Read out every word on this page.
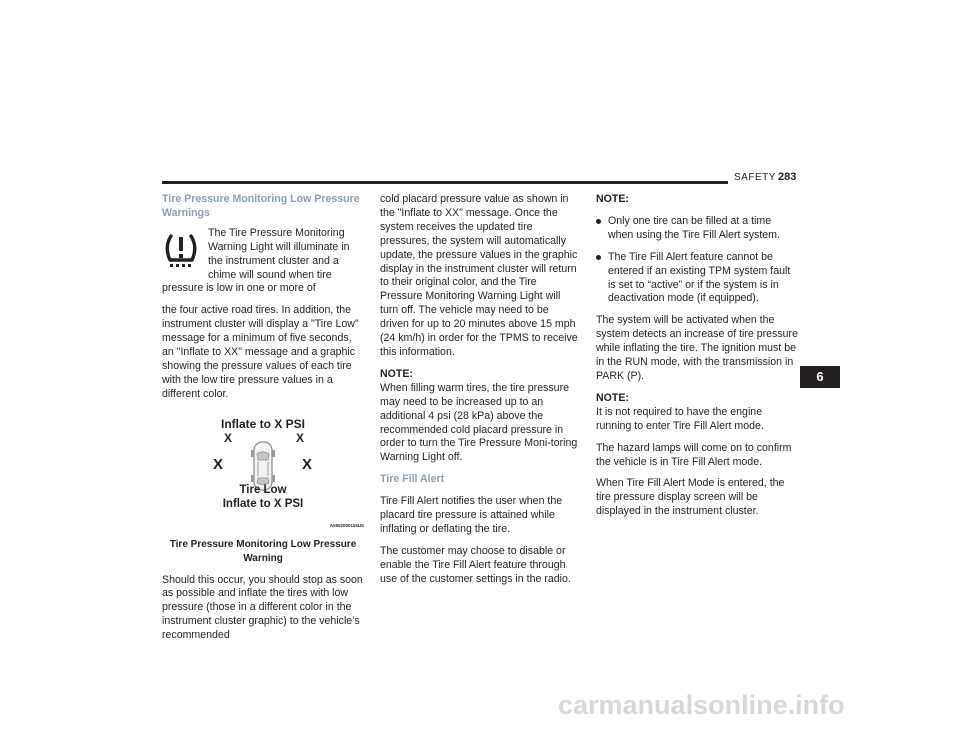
SAFETY 283
Tire Pressure Monitoring Low Pressure Warnings

The Tire Pressure Monitoring Warning Light will illuminate in the instrument cluster and a chime will sound when tire pressure is low in one or more of

the four active road tires. In addition, the instrument cluster will display a "Tire Low" message for a minimum of five seconds, an "Inflate to XX" message and a graphic showing the pressure values of each tire with the low tire pressure values in a different color.

Inflate to X PSI
X	X
X	X
Tire Low
Inflate to X PSI
A0502000116US

Tire Pressure Monitoring Low Pressure Warning

Should this occur, you should stop as soon as possible and inflate the tires with low pressure (those in a different color in the instrument cluster graphic) to the vehicle’s recommended

cold placard pressure value as shown in the "Inflate to XX" message. Once the system receives the updated tire pressures, the system will automatically update, the pressure values in the graphic display in the instrument cluster will return to their original color, and the Tire Pressure Monitoring Warning Light will turn off. The vehicle may need to be driven for up to 20 minutes above 15 mph (24 km/h) in order for the TPMS to receive this information.

NOTE:
When filling warm tires, the tire pressure may need to be increased up to an additional 4 psi (28 kPa) above the recommended cold placard pressure in order to turn the Tire Pressure Moni-toring Warning Light off.

Tire Fill Alert

Tire Fill Alert notifies the user when the placard tire pressure is attained while inflating or deflating the tire.

The customer may choose to disable or enable the Tire Fill Alert feature through use of the customer settings in the radio.

NOTE:

Only one tire can be filled at a time when using the Tire Fill Alert system.
The Tire Fill Alert feature cannot be entered if an existing TPM system fault is set to “active” or if the system is in deactivation mode (if equipped).

The system will be activated when the system detects an increase of tire pressure while inflating the tire. The ignition must be in the RUN mode, with the transmission in PARK (P).

NOTE:
It is not required to have the engine running to enter Tire Fill Alert mode.

The hazard lamps will come on to confirm the vehicle is in Tire Fill Alert mode.

When Tire Fill Alert Mode is entered, the tire pressure display screen will be displayed in the instrument cluster.

6
carmanualsonline.info
